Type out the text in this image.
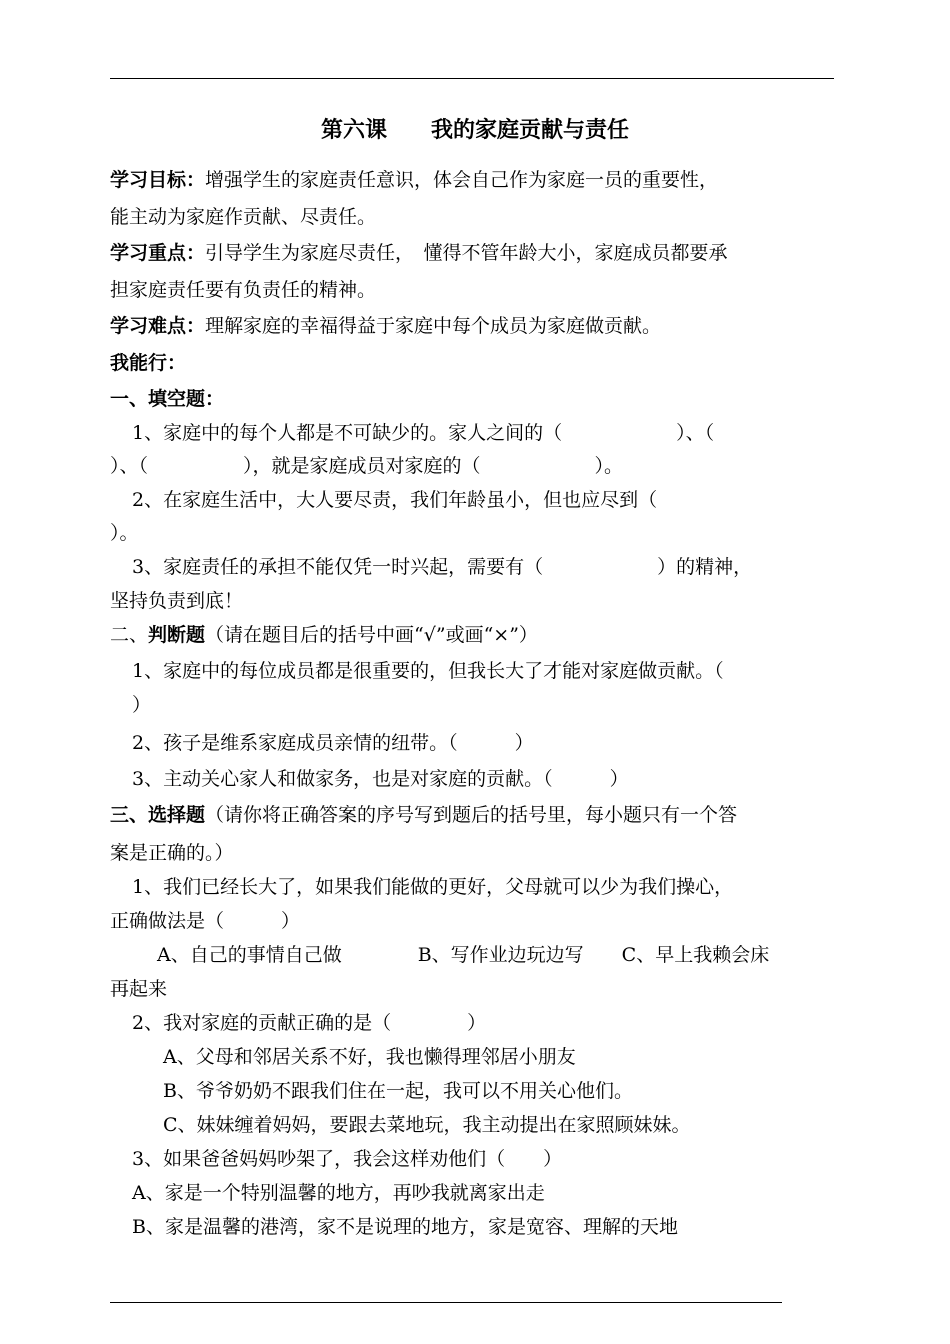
第六课　　我的家庭贡献与责任
学习目标：增强学生的家庭责任意识，体会自己作为家庭一员的重要性，
能主动为家庭作贡献、尽责任。
学习重点：引导学生为家庭尽责任，　懂得不管年龄大小，家庭成员都要承
担家庭责任要有负责任的精神。
学习难点：理解家庭的幸福得益于家庭中每个成员为家庭做贡献。
我能行：
一、填空题：
1、家庭中的每个人都是不可缺少的。家人之间的（　　　　　　）、（
）、（　　　　　），就是家庭成员对家庭的（　　　　　　）。
2、在家庭生活中，大人要尽责，我们年龄虽小，但也应尽到（
）。
3、家庭责任的承担不能仅凭一时兴起，需要有（　　　　　　）的精神，
坚持负责到底！
二、判断题（请在题目后的括号中画“√”或画“×”）
1、家庭中的每位成员都是很重要的，但我长大了才能对家庭做贡献。（
）
2、孩子是维系家庭成员亲情的纽带。（　　　）
3、主动关心家人和做家务，也是对家庭的贡献。（　　　）
三、选择题（请你将正确答案的序号写到题后的括号里，每小题只有一个答
案是正确的。）
1、我们已经长大了，如果我们能做的更好，父母就可以少为我们操心，
正确做法是（　　　）
A、自己的事情自己做　　　　B、写作业边玩边写　　C、早上我赖会床
再起来
2、我对家庭的贡献正确的是（　　　　）
A、父母和邻居关系不好，我也懒得理邻居小朋友
B、爷爷奶奶不跟我们住在一起，我可以不用关心他们。
C、妹妹缠着妈妈，要跟去菜地玩，我主动提出在家照顾妹妹。
3、如果爸爸妈妈吵架了，我会这样劝他们（　　）
A、家是一个特别温馨的地方，再吵我就离家出走
B、家是温馨的港湾，家不是说理的地方，家是宽容、理解的天地
